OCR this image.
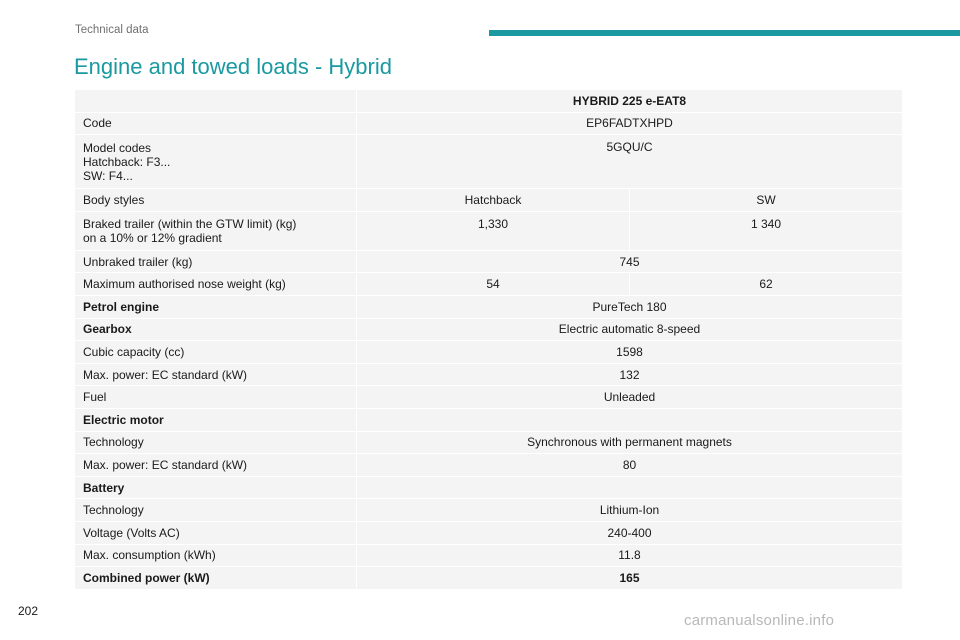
Technical data
Engine and towed loads - Hybrid
	HYBRID 225 e-EAT8	
Code	EP6FADTXHPD	

Model codes
Hatchback: F3...
SW: F4...	5GQU/C	
Body styles	Hatchback	SW

Braked trailer (within the GTW limit) (kg)
on a 10% or 12% gradient	1,330	1 340
Unbraked trailer (kg)	745	
Maximum authorised nose weight (kg)	54	62
Petrol engine	PureTech 180	
Gearbox	Electric automatic 8-speed	
Cubic capacity (cc)	1598	
Max. power: EC standard (kW)	132	
Fuel	Unleaded	
Electric motor		
Technology	Synchronous with permanent magnets	
Max. power: EC standard (kW)	80	
Battery		
Technology	Lithium-Ion	
Voltage (Volts AC)	240-400	
Max. consumption (kWh)	11.8	
Combined power (kW)	165	
202
carmanualsonline.info
